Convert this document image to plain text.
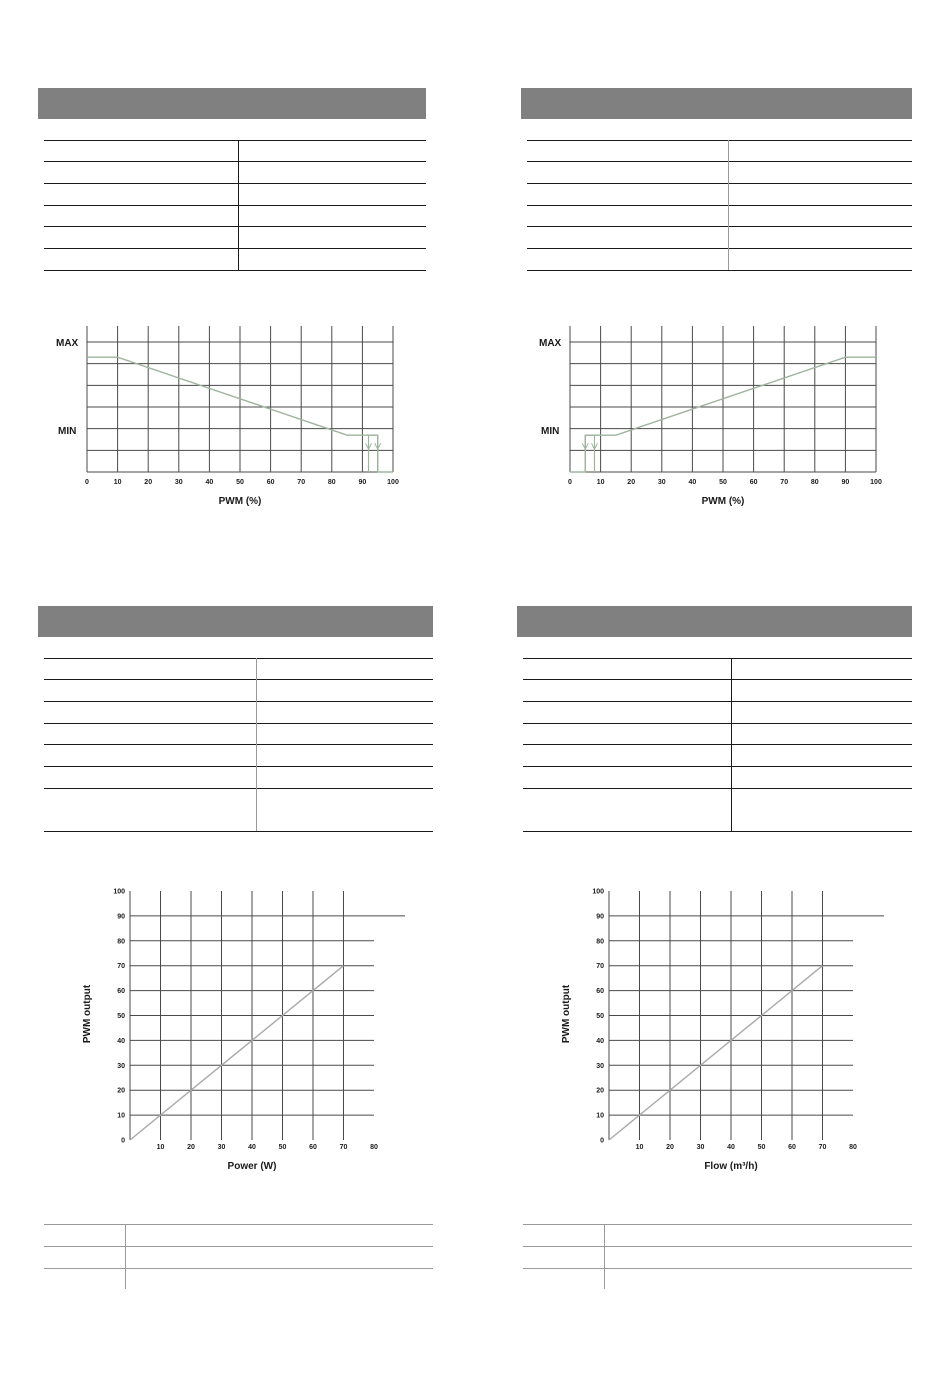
0	10	20	30	40	50	60	70	80	90	100
MAX
MIN
PWM (%)
0	10	20	30	40	50	60	70	80	90	100
MAX
MIN
PWM (%)
10	20	30	40	50	60	70	80
0
10
20
30
40
50
60
70
80
90
100
Power (W)
PWM output
10	20	30	40	50	60	70	80
0
10
20
30
40
50
60
70
80
90
100
Flow (m³/h)
PWM output
